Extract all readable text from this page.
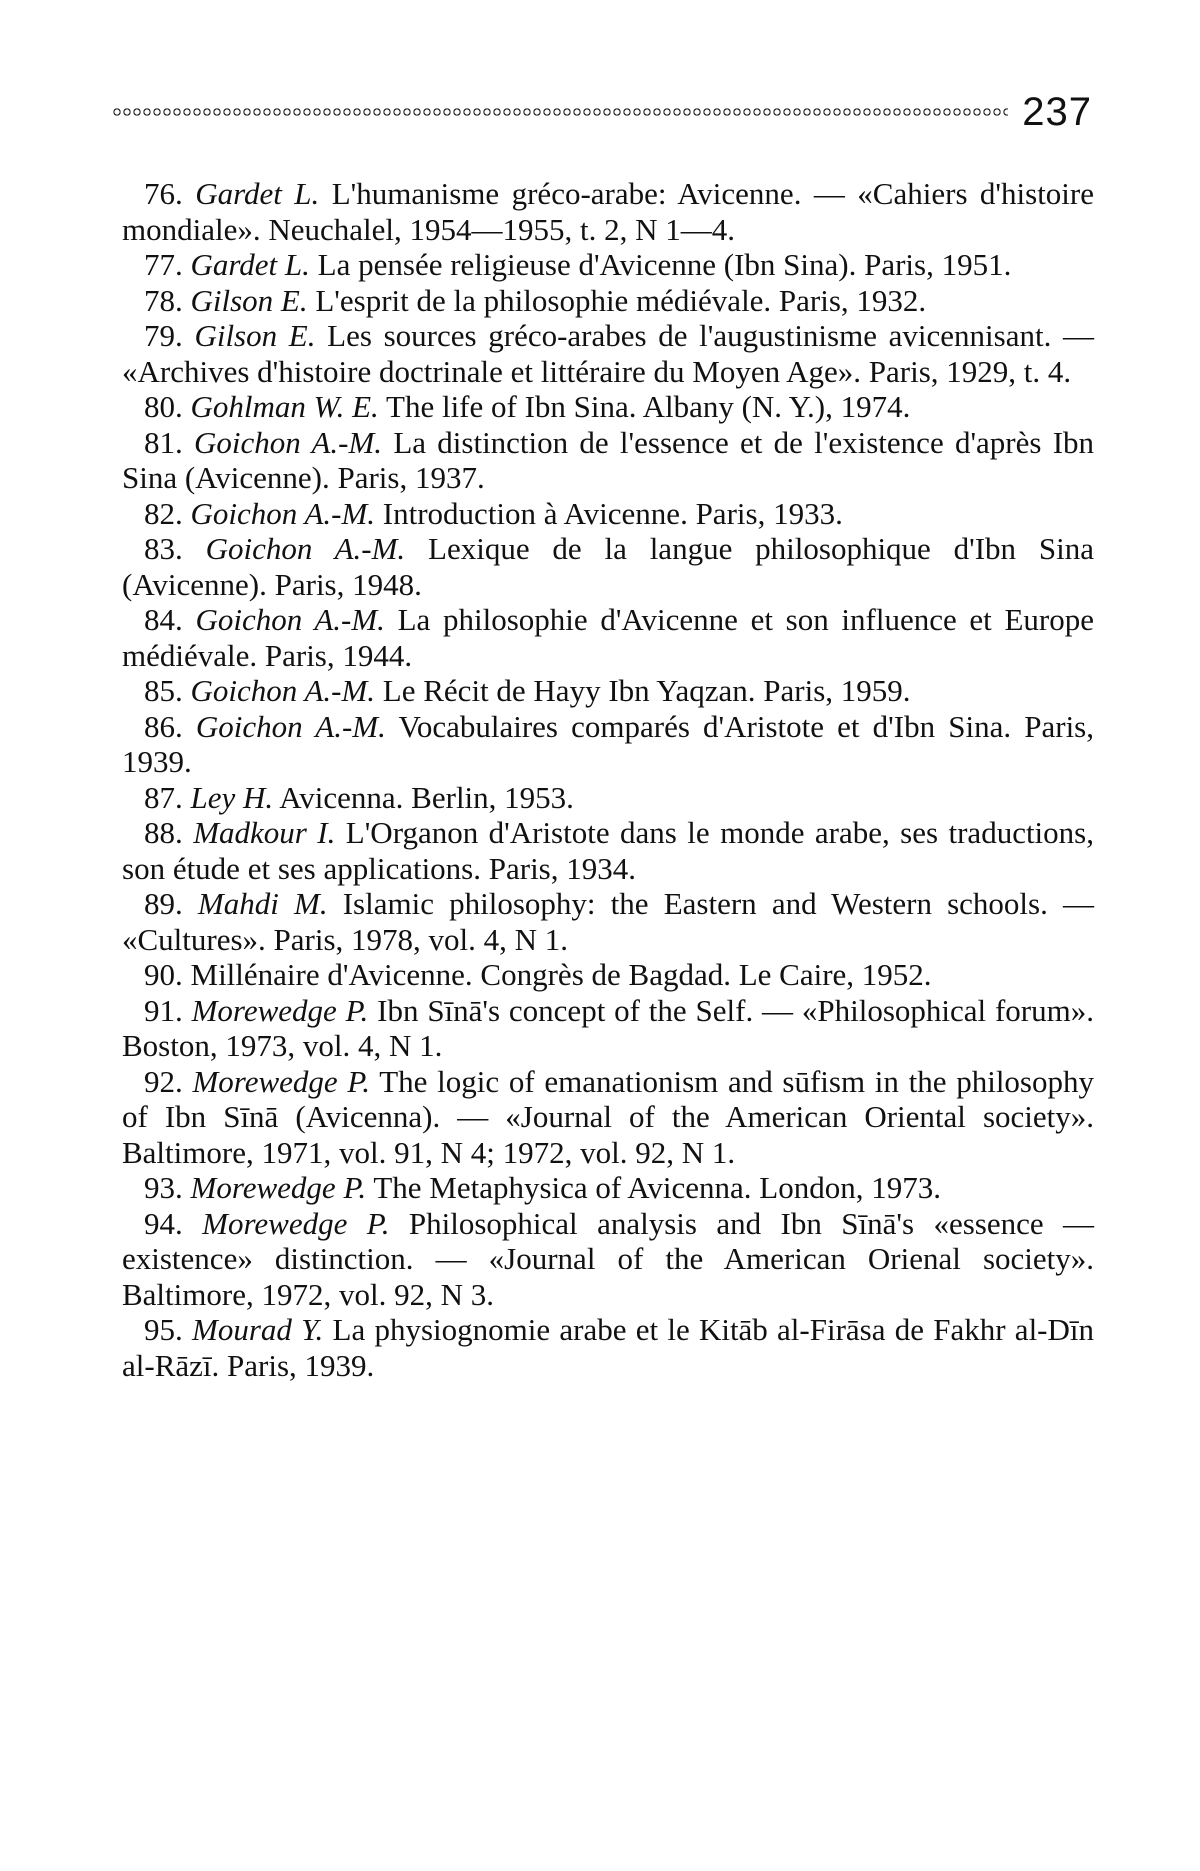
237

76. Gardet L. L'humanisme gréco-arabe: Avicenne. — «Cahiers d'histoire mondiale». Neuchalel, 1954—1955, t. 2, N 1—4.

77. Gardet L. La pensée religieuse d'Avicenne (Ibn Sina). Paris, 1951.

78. Gilson E. L'esprit de la philosophie médiévale. Paris, 1932.

79. Gilson E. Les sources gréco-arabes de l'augustinisme avicennisant. — «Archives d'histoire doctrinale et littéraire du Moyen Age». Paris, 1929, t. 4.

80. Gohlman W. E. The life of Ibn Sina. Albany (N. Y.), 1974.

81. Goichon A.-M. La distinction de l'essence et de l'existence d'après Ibn Sina (Avicenne). Paris, 1937.

82. Goichon A.-M. Introduction à Avicenne. Paris, 1933.

83. Goichon A.-M. Lexique de la langue philosophique d'Ibn Sina (Avicenne). Paris, 1948.

84. Goichon A.-M. La philosophie d'Avicenne et son influence et Europe médiévale. Paris, 1944.

85. Goichon A.-M. Le Récit de Hayy Ibn Yaqzan. Paris, 1959.

86. Goichon A.-M. Vocabulaires comparés d'Aristote et d'Ibn Sina. Paris, 1939.

87. Ley H. Avicenna. Berlin, 1953.

88. Madkour I. L'Organon d'Aristote dans le monde arabe, ses traductions, son étude et ses applications. Paris, 1934.

89. Mahdi M. Islamic philosophy: the Eastern and Western schools. — «Cultures». Paris, 1978, vol. 4, N 1.

90. Millénaire d'Avicenne. Congrès de Bagdad. Le Caire, 1952.

91. Morewedge P. Ibn Sīnā's concept of the Self. — «Philosophical forum». Boston, 1973, vol. 4, N 1.

92. Morewedge P. The logic of emanationism and sūfism in the philosophy of Ibn Sīnā (Avicenna). — «Journal of the American Oriental society». Baltimore, 1971, vol. 91, N 4; 1972, vol. 92, N 1.

93. Morewedge P. The Metaphysica of Avicenna. London, 1973.

94. Morewedge P. Philosophical analysis and Ibn Sīnā's «essence — existence» distinction. — «Journal of the American Orienal society». Baltimore, 1972, vol. 92, N 3.

95. Mourad Y. La physiognomie arabe et le Kitāb al-Firāsa de Fakhr al-Dīn al-Rāzī. Paris, 1939.
